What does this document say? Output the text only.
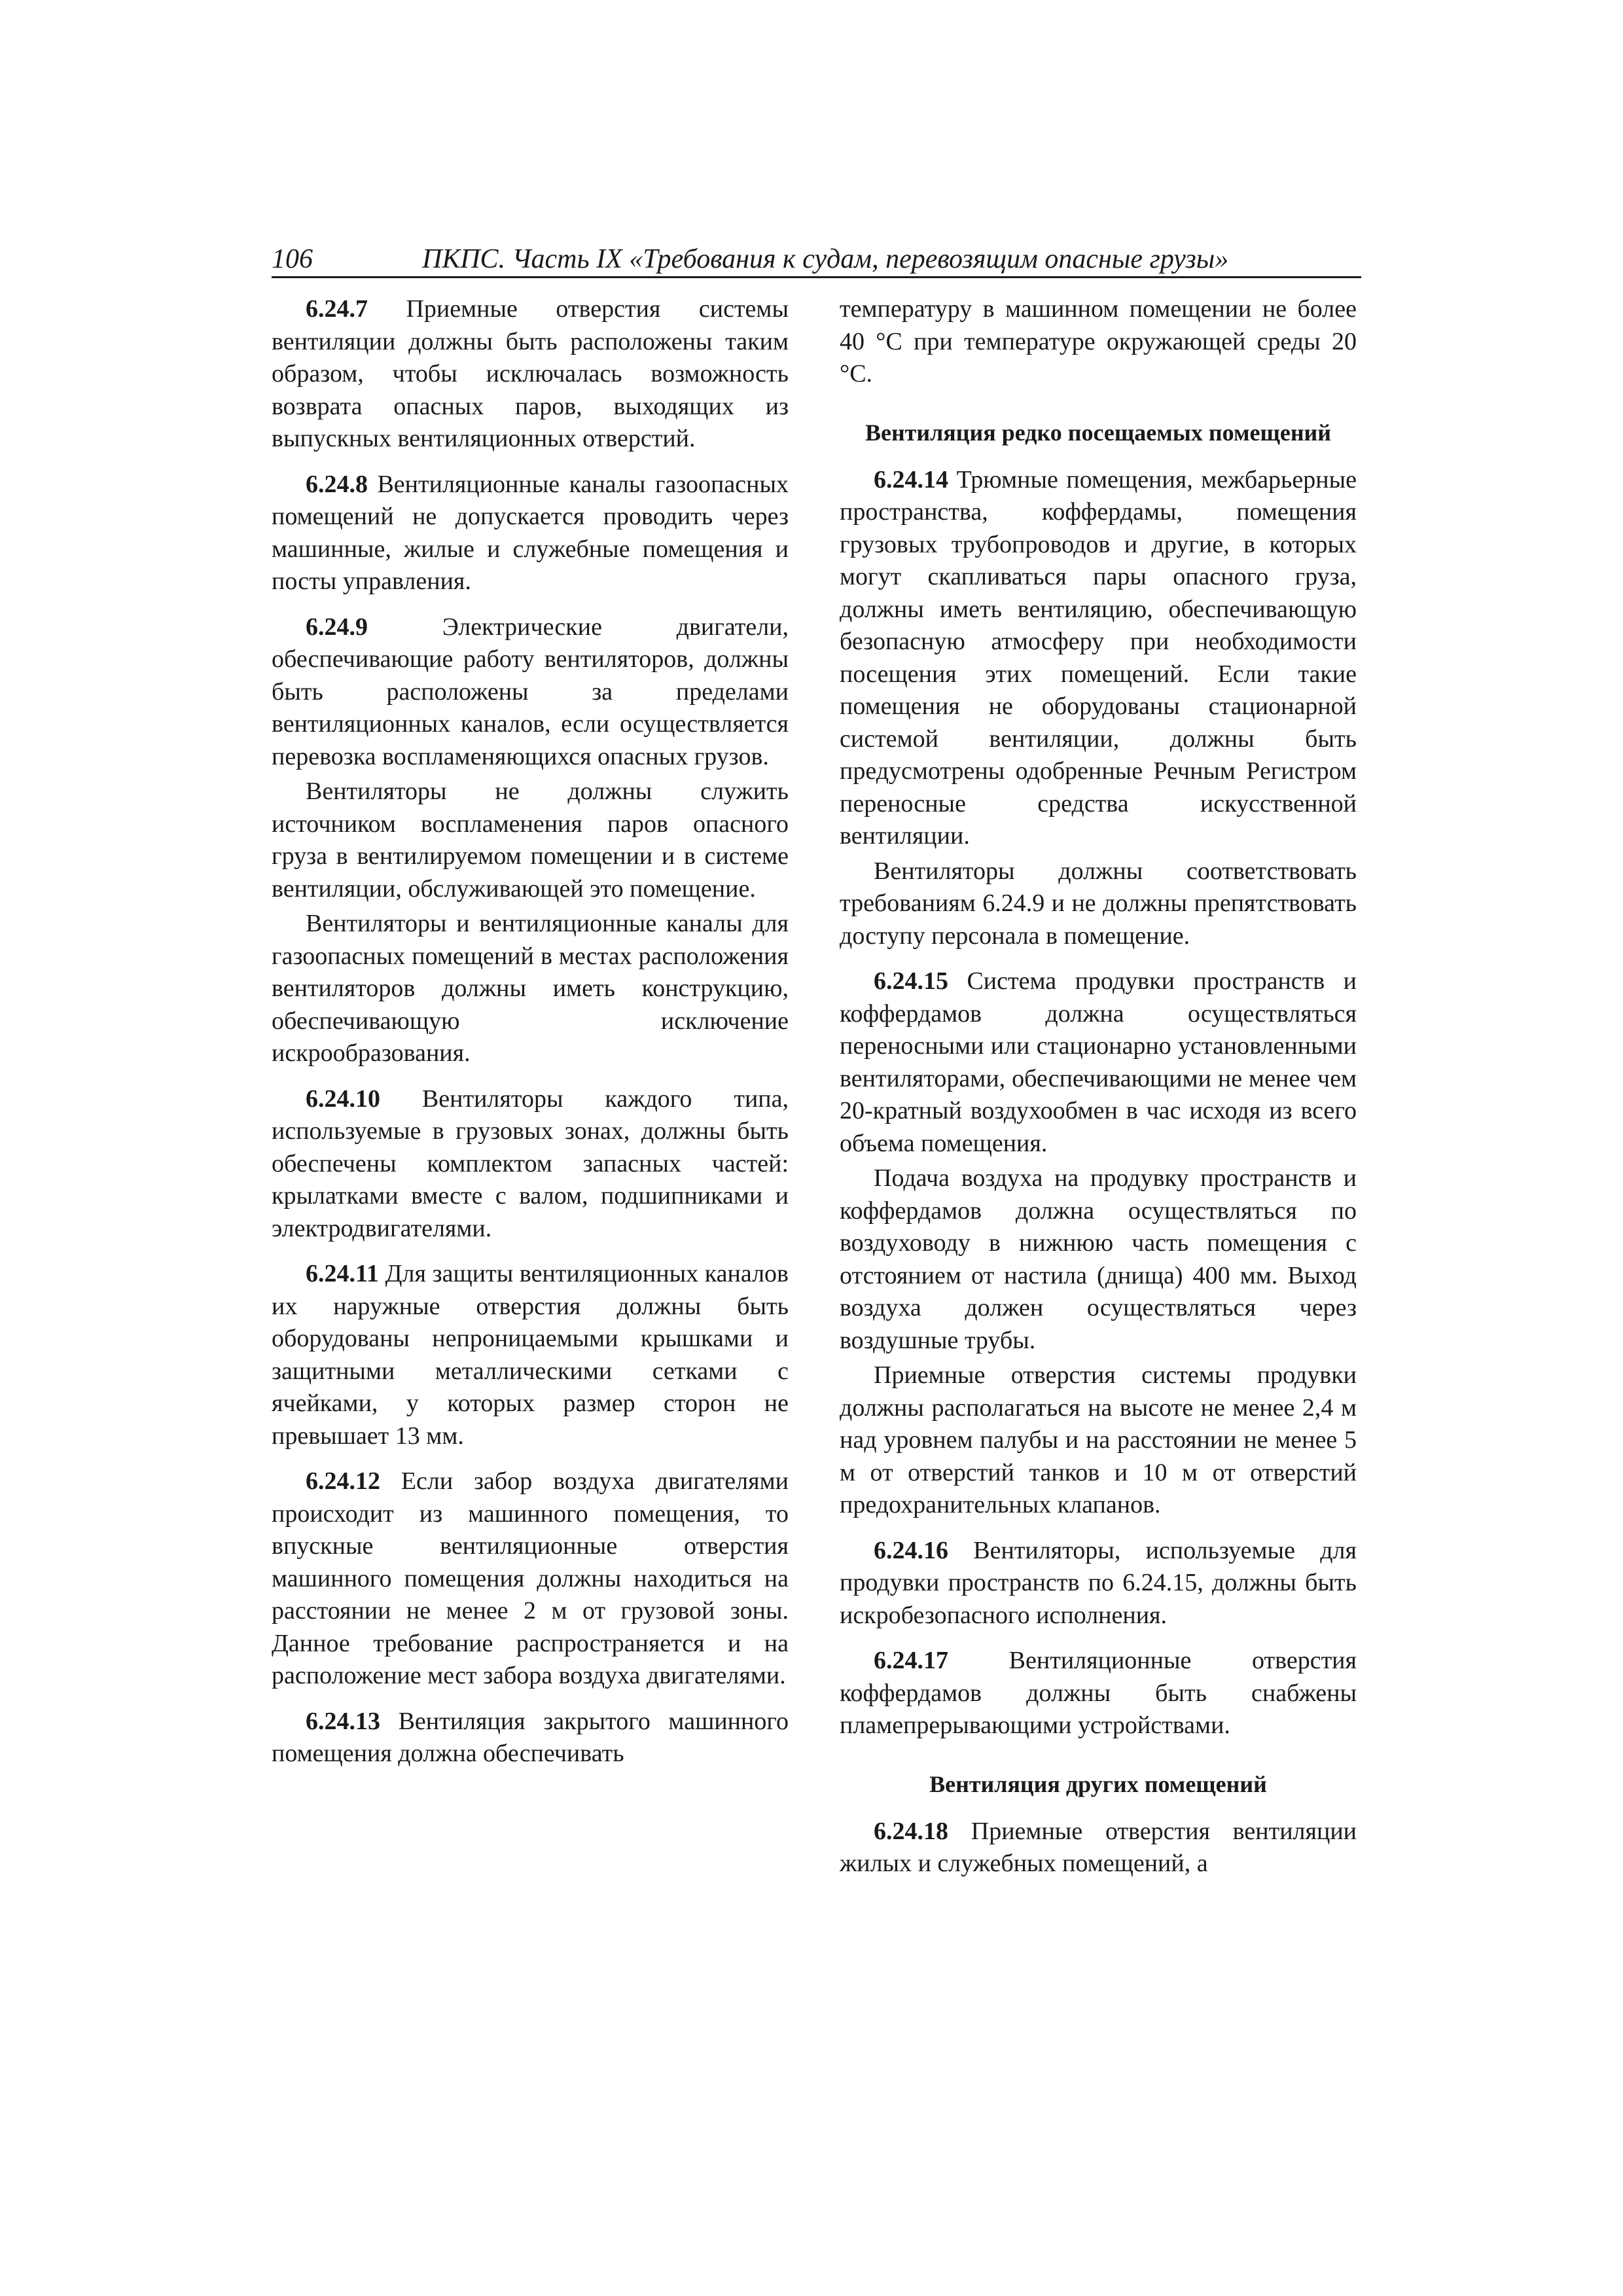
106	ПКПС. Часть IX «Требования к судам, перевозящим опасные грузы»

6.24.7 Приемные отверстия системы вентиляции должны быть расположены таким образом, чтобы исключалась возможность возврата опасных паров, выходящих из выпускных вентиляционных отверстий.

6.24.8 Вентиляционные каналы газоопасных помещений не допускается проводить через машинные, жилые и служебные помещения и посты управления.

6.24.9 Электрические двигатели, обеспечивающие работу вентиляторов, должны быть расположены за пределами вентиляционных каналов, если осуществляется перевозка воспламеняющихся опасных грузов.

Вентиляторы не должны служить источником воспламенения паров опасного груза в вентилируемом помещении и в системе вентиляции, обслуживающей это помещение.

Вентиляторы и вентиляционные каналы для газоопасных помещений в местах расположения вентиляторов должны иметь конструкцию, обеспечивающую исключение искрообразования.

6.24.10 Вентиляторы каждого типа, используемые в грузовых зонах, должны быть обеспечены комплектом запасных частей: крылатками вместе с валом, подшипниками и электродвигателями.

6.24.11 Для защиты вентиляционных каналов их наружные отверстия должны быть оборудованы непроницаемыми крышками и защитными металлическими сетками с ячейками, у которых размер сторон не превышает 13 мм.

6.24.12 Если забор воздуха двигателями происходит из машинного помещения, то впускные вентиляционные отверстия машинного помещения должны находиться на расстоянии не менее 2 м от грузовой зоны. Данное требование распространяется и на расположение мест забора воздуха двигателями.

6.24.13 Вентиляция закрытого машинного помещения должна обеспечивать

температуру в машинном помещении не более 40 °С при температуре окружающей среды 20 °С.

Вентиляция редко посещаемых помещений

6.24.14 Трюмные помещения, межбарьерные пространства, коффердамы, помещения грузовых трубопроводов и другие, в которых могут скапливаться пары опасного груза, должны иметь вентиляцию, обеспечивающую безопасную атмосферу при необходимости посещения этих помещений. Если такие помещения не оборудованы стационарной системой вентиляции, должны быть предусмотрены одобренные Речным Регистром переносные средства искусственной вентиляции.

Вентиляторы должны соответствовать требованиям 6.24.9 и не должны препятствовать доступу персонала в помещение.

6.24.15 Система продувки пространств и коффердамов должна осуществляться переносными или стационарно установленными вентиляторами, обеспечивающими не менее чем 20-кратный воздухообмен в час исходя из всего объема помещения.

Подача воздуха на продувку пространств и коффердамов должна осуществляться по воздуховоду в нижнюю часть помещения с отстоянием от настила (днища) 400 мм. Выход воздуха должен осуществляться через воздушные трубы.

Приемные отверстия системы продувки должны располагаться на высоте не менее 2,4 м над уровнем палубы и на расстоянии не менее 5 м от отверстий танков и 10 м от отверстий предохранительных клапанов.

6.24.16 Вентиляторы, используемые для продувки пространств по 6.24.15, должны быть искробезопасного исполнения.

6.24.17 Вентиляционные отверстия коффердамов должны быть снабжены пламепрерывающими устройствами.

Вентиляция других помещений

6.24.18 Приемные отверстия вентиляции жилых и служебных помещений, а
